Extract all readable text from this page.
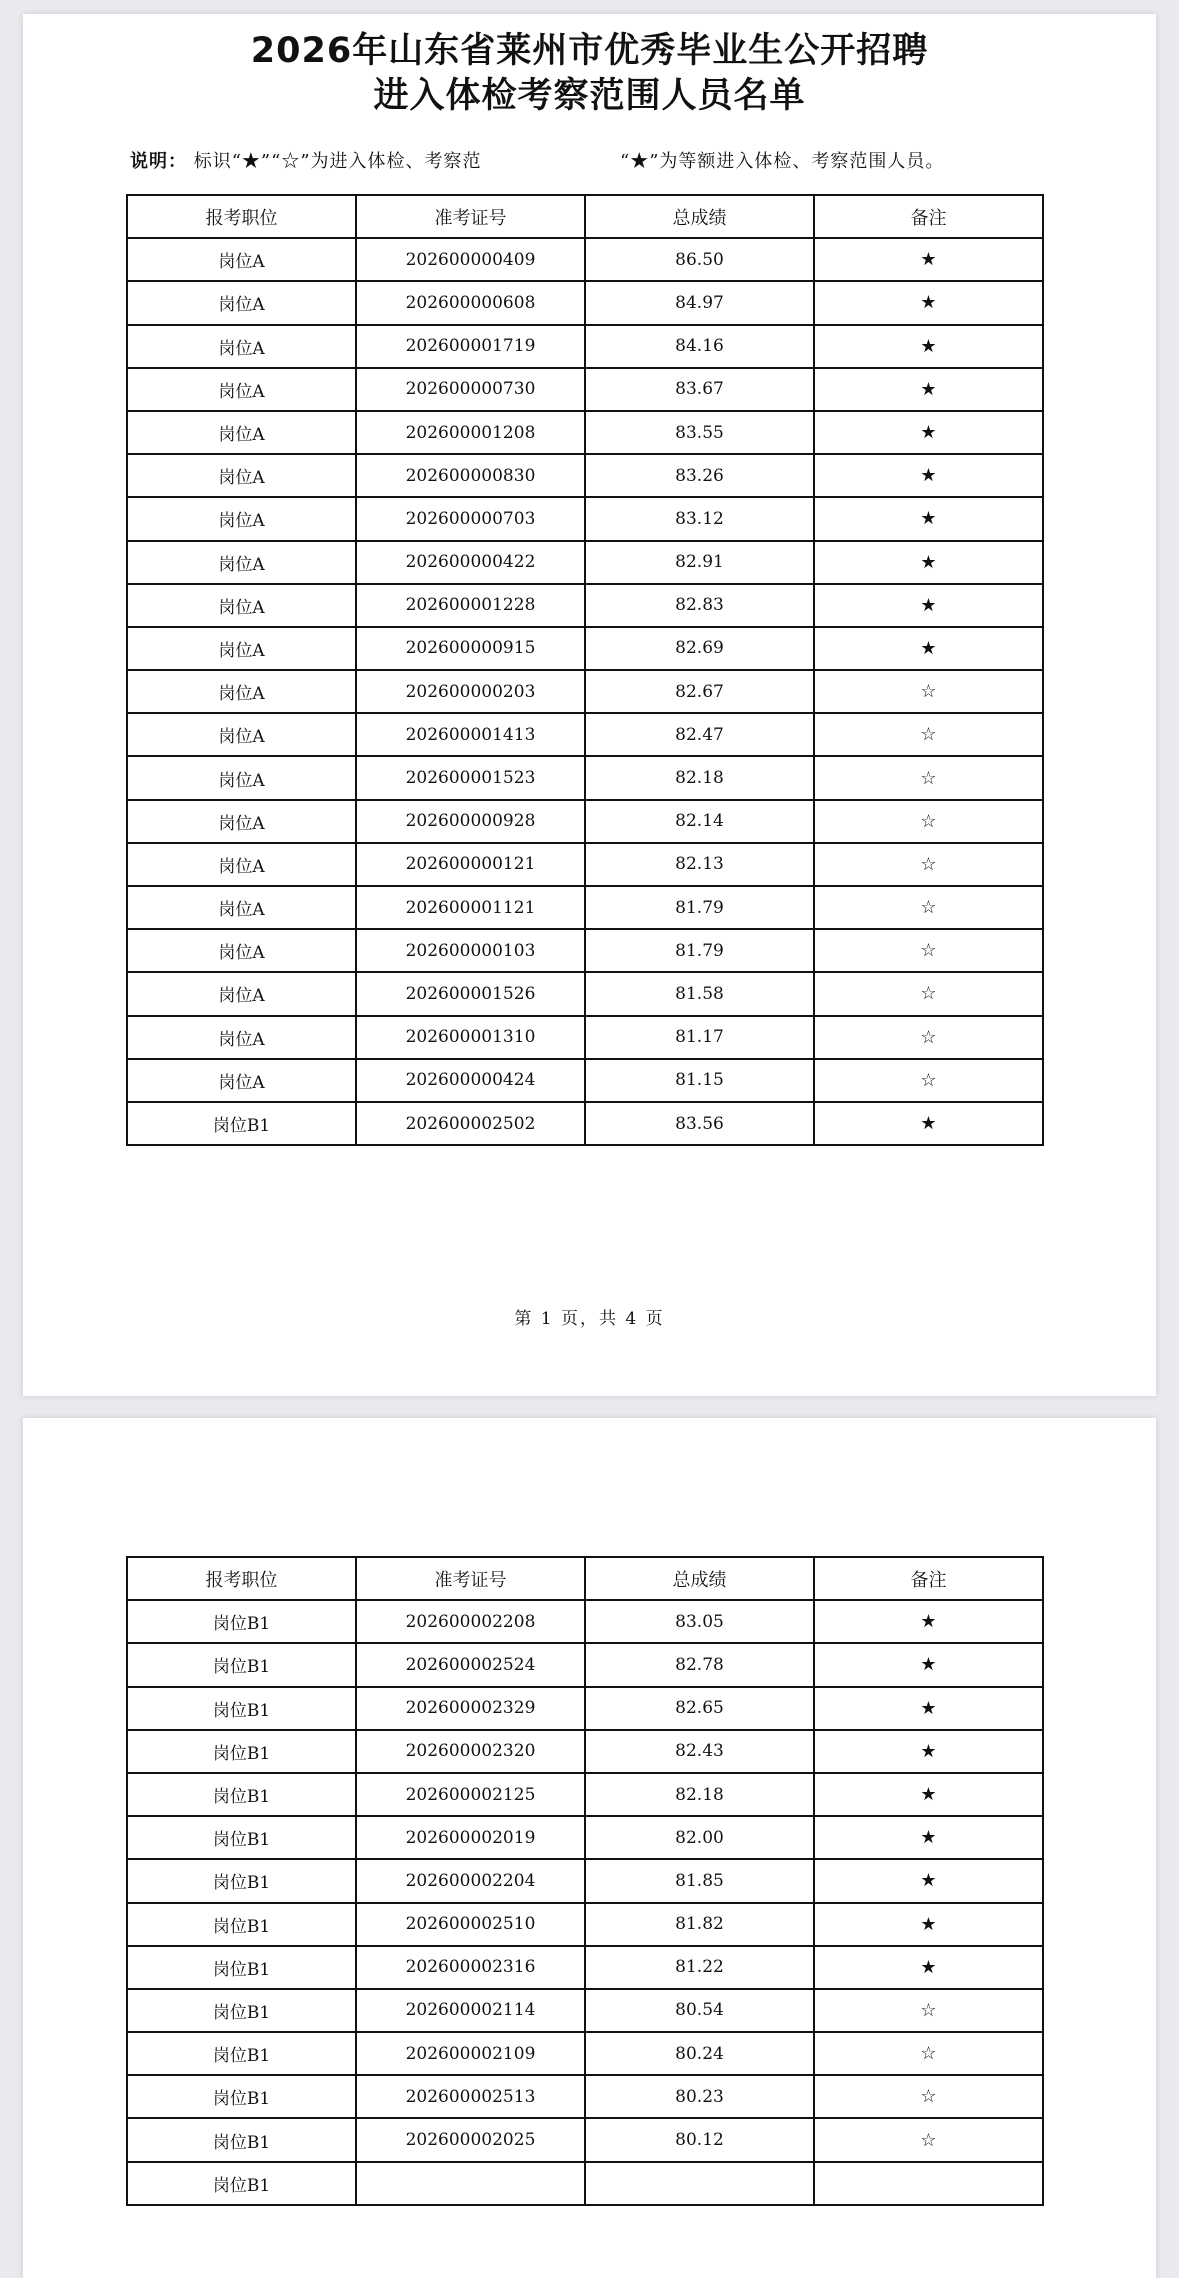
2026年山东省莱州市优秀毕业生公开招聘
进入体检考察范围人员名单
说明： 标识“★”“☆”为进入体检、考察范	“★”为等额进入体检、考察范围人员。
报考职位	准考证号	总成绩	备注
岗位A	202600000409	86.50	★
岗位A	202600000608	84.97	★
岗位A	202600001719	84.16	★
岗位A	202600000730	83.67	★
岗位A	202600001208	83.55	★
岗位A	202600000830	83.26	★
岗位A	202600000703	83.12	★
岗位A	202600000422	82.91	★
岗位A	202600001228	82.83	★
岗位A	202600000915	82.69	★
岗位A	202600000203	82.67	☆
岗位A	202600001413	82.47	☆
岗位A	202600001523	82.18	☆
岗位A	202600000928	82.14	☆
岗位A	202600000121	82.13	☆
岗位A	202600001121	81.79	☆
岗位A	202600000103	81.79	☆
岗位A	202600001526	81.58	☆
岗位A	202600001310	81.17	☆
岗位A	202600000424	81.15	☆
岗位B1	202600002502	83.56	★
第 1 页，共 4 页
报考职位	准考证号	总成绩	备注
岗位B1	202600002208	83.05	★
岗位B1	202600002524	82.78	★
岗位B1	202600002329	82.65	★
岗位B1	202600002320	82.43	★
岗位B1	202600002125	82.18	★
岗位B1	202600002019	82.00	★
岗位B1	202600002204	81.85	★
岗位B1	202600002510	81.82	★
岗位B1	202600002316	81.22	★
岗位B1	202600002114	80.54	☆
岗位B1	202600002109	80.24	☆
岗位B1	202600002513	80.23	☆
岗位B1	202600002025	80.12	☆
岗位B1			
